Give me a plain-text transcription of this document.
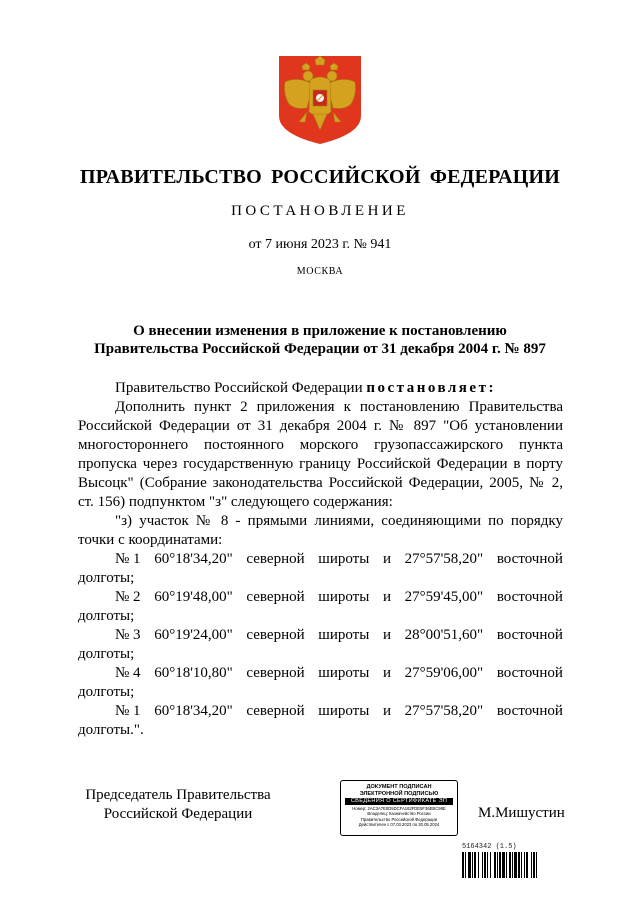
ПРАВИТЕЛЬСТВО РОССИЙСКОЙ ФЕДЕРАЦИИ
ПОСТАНОВЛЕНИЕ
от 7 июня 2023 г. № 941
МОСКВА
О внесении изменения в приложение к постановлению
Правительства Российской Федерации от 31 декабря 2004 г. № 897

Правительство Российской Федерации постановляет:

Дополнить пункт 2 приложения к постановлению Правительства Российской Федерации от 31 декабря 2004 г. № 897 "Об установлении многостороннего постоянного морского грузопассажирского пункта пропуска через государственную границу Российской Федерации в порту Высоцк" (Собрание законодательства Российской Федерации, 2005, № 2, ст. 156) подпунктом "з" следующего содержания:

"з) участок № 8 - прямыми линиями, соединяющими по порядку точки с координатами:

№ 1 60°18'34,20" северной широты и 27°57'58,20" восточной
долготы;
№ 2 60°19'48,00" северной широты и 27°59'45,00" восточной
долготы;
№ 3 60°19'24,00" северной широты и 28°00'51,60" восточной
долготы;
№ 4 60°18'10,80" северной широты и 27°59'06,00" восточной
долготы;
№ 1 60°18'34,20" северной широты и 27°57'58,20" восточной
долготы.".
Председатель Правительства
Российской Федерации
ДОКУМЕНТ ПОДПИСАН
ЭЛЕКТРОННОЙ ПОДПИСЬЮ
СВЕДЕНИЯ О СЕРТИФИКАТЕ ЭП
Номер: 2AC3A7E0D5DCFA163FDE5F36EBC98E
Владелец: Казначейство России
Правительство Российской Федерации
Действителен с 07.03.2023 по 30.05.2024
М.Мишустин
5164342 (1.5)
